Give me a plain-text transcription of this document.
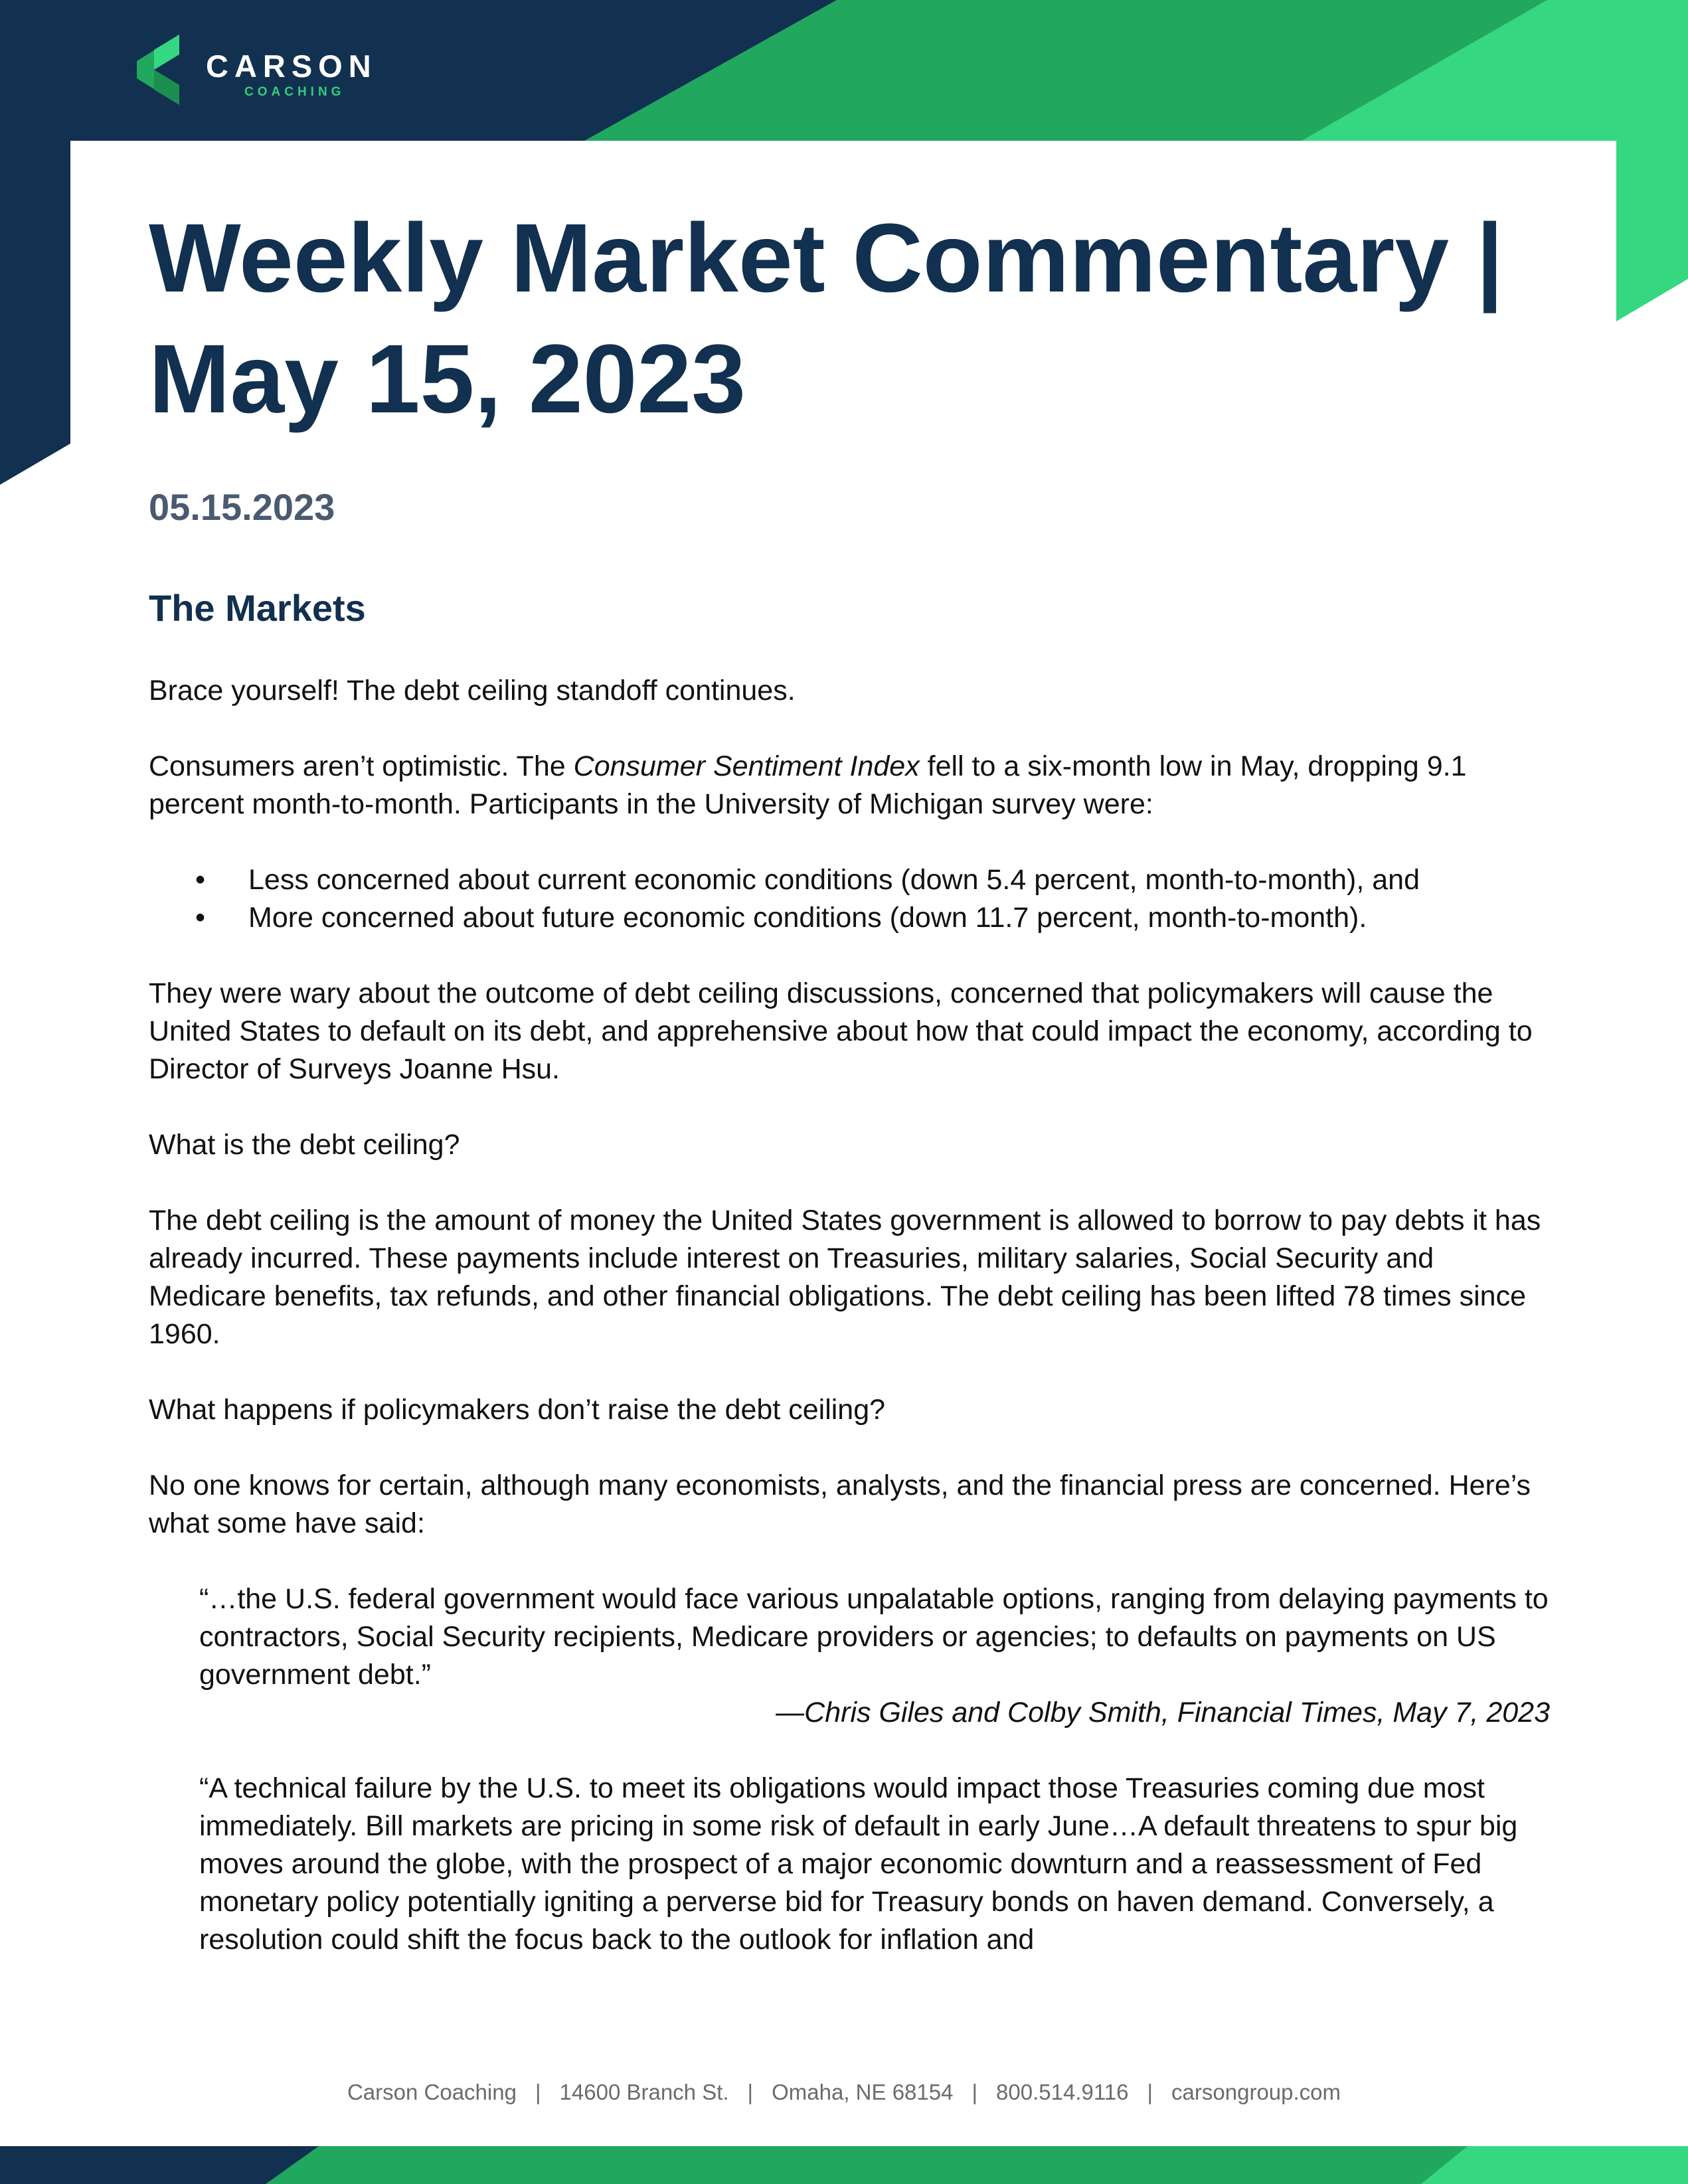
CARSON
COACHING
Weekly Market Commentary | May 15, 2023
05.15.2023
The Markets

Brace yourself! The debt ceiling standoff continues.

Consumers aren’t optimistic. The Consumer Sentiment Index fell to a six-month low in May, dropping 9.1 percent month-to-month. Participants in the University of Michigan survey were:

• Less concerned about current economic conditions (down 5.4 percent, month-to-month), and
• More concerned about future economic conditions (down 11.7 percent, month-to-month).

They were wary about the outcome of debt ceiling discussions, concerned that policymakers will cause the United States to default on its debt, and apprehensive about how that could impact the economy, according to Director of Surveys Joanne Hsu.

What is the debt ceiling?

The debt ceiling is the amount of money the United States government is allowed to borrow to pay debts it has already incurred. These payments include interest on Treasuries, military salaries, Social Security and Medicare benefits, tax refunds, and other financial obligations. The debt ceiling has been lifted 78 times since 1960.

What happens if policymakers don’t raise the debt ceiling?

No one knows for certain, although many economists, analysts, and the financial press are concerned. Here’s what some have said:

“…the U.S. federal government would face various unpalatable options, ranging from delaying payments to contractors, Social Security recipients, Medicare providers or agencies; to defaults on payments on US government debt.”

—Chris Giles and Colby Smith, Financial Times, May 7, 2023

“A technical failure by the U.S. to meet its obligations would impact those Treasuries coming due most immediately. Bill markets are pricing in some risk of default in early June…A default threatens to spur big moves around the globe, with the prospect of a major economic downturn and a reassessment of Fed monetary policy potentially igniting a perverse bid for Treasury bonds on haven demand. Conversely, a resolution could shift the focus back to the outlook for inflation and

Carson Coaching | 14600 Branch St. | Omaha, NE 68154 | 800.514.9116 | carsongroup.com
